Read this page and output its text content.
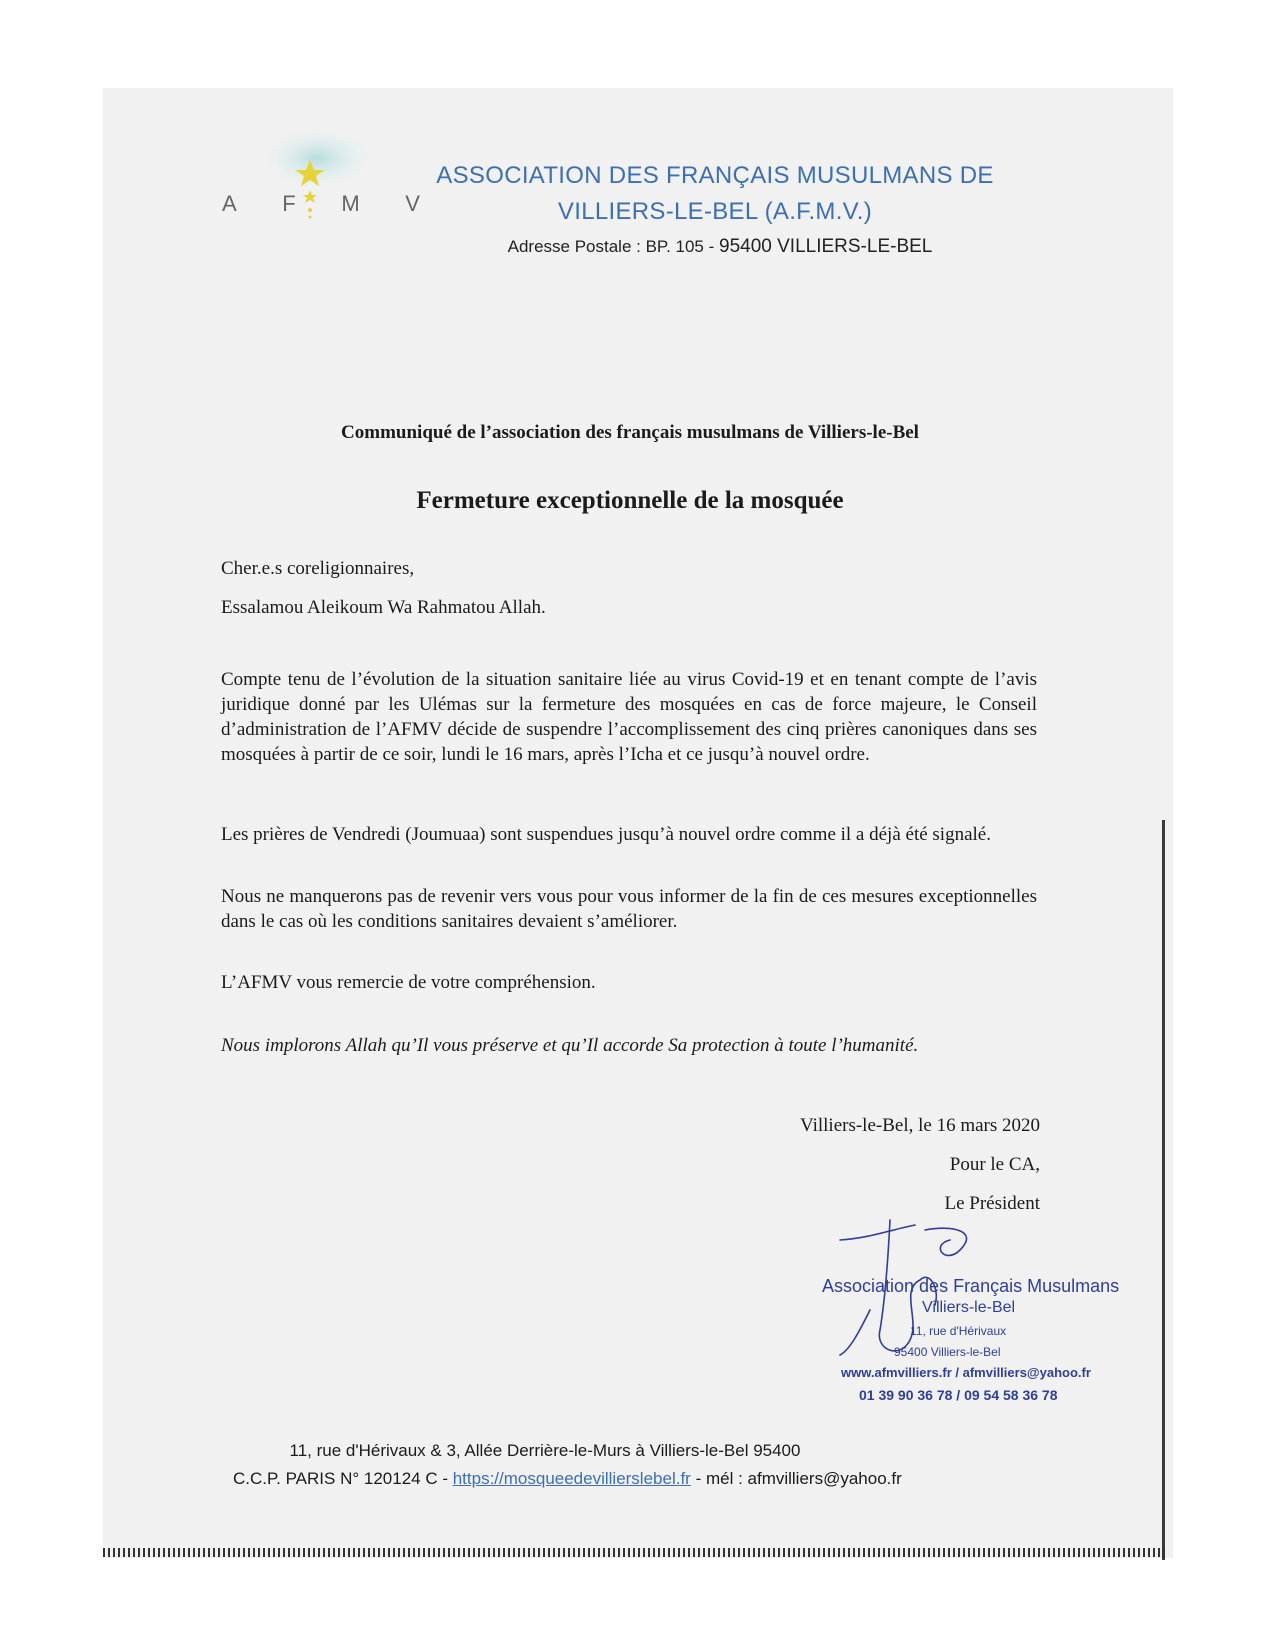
A F M V
ASSOCIATION DES FRANÇAIS MUSULMANS DE
VILLIERS-LE-BEL (A.F.M.V.)
Adresse Postale : BP. 105 - 95400 VILLIERS-LE-BEL
Communiqué de l’association des français musulmans de Villiers-le-Bel
Fermeture exceptionnelle de la mosquée
Cher.e.s coreligionnaires,
Essalamou Aleikoum Wa Rahmatou Allah.
Compte tenu de l’évolution de la situation sanitaire liée au virus Covid-19 et en tenant compte de l’avis juridique donné par les Ulémas sur la fermeture des mosquées en cas de force majeure, le Conseil d’administration de l’AFMV décide de suspendre l’accomplissement des cinq prières canoniques dans ses mosquées à partir de ce soir, lundi le 16 mars, après l’Icha et ce jusqu’à nouvel ordre.
Les prières de Vendredi (Joumuaa) sont suspendues jusqu’à nouvel ordre comme il a déjà été signalé.
Nous ne manquerons pas de revenir vers vous pour vous informer de la fin de ces mesures exceptionnelles dans le cas où les conditions sanitaires devaient s’améliorer.
L’AFMV vous remercie de votre compréhension.
Nous implorons Allah qu’Il vous préserve et qu’Il accorde Sa protection à toute l’humanité.
Villiers-le-Bel, le 16 mars 2020
Pour le CA,
Le Président
Association des Français Musulmans
Villiers-le-Bel
11, rue d'Hérivaux
95400 Villiers-le-Bel
www.afmvilliers.fr / afmvilliers@yahoo.fr
01 39 90 36 78 / 09 54 58 36 78
11, rue d'Hérivaux & 3, Allée Derrière-le-Murs à Villiers-le-Bel 95400
C.C.P. PARIS N° 120124 C - https://mosqueedevillierslebel.fr - mél : afmvilliers@yahoo.fr
